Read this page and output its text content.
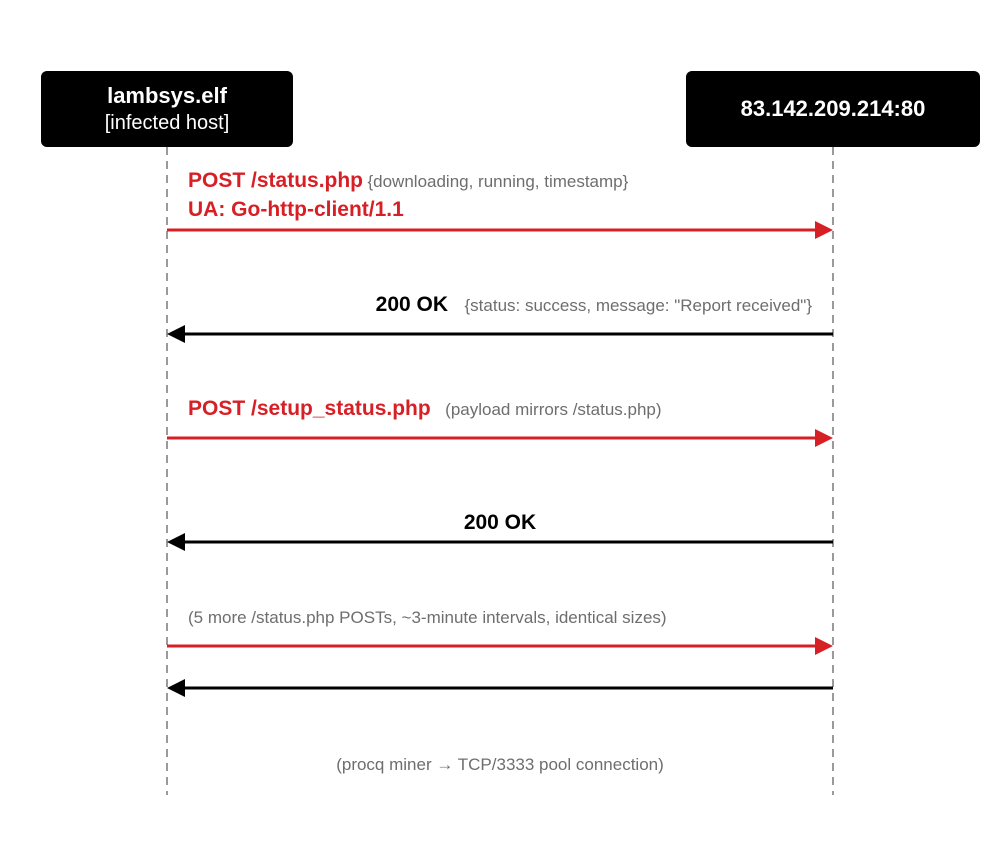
lambsys.elf
[infected host]
83.142.209.214:80
POST /status.php {downloading, running, timestamp}
UA: Go-http-client/1.1
200 OK {status: success, message: "Report received"}
POST /setup_status.php (payload mirrors /status.php)
200 OK
(5 more /status.php POSTs, ~3-minute intervals, identical sizes)
(procq miner → TCP/3333 pool connection)
